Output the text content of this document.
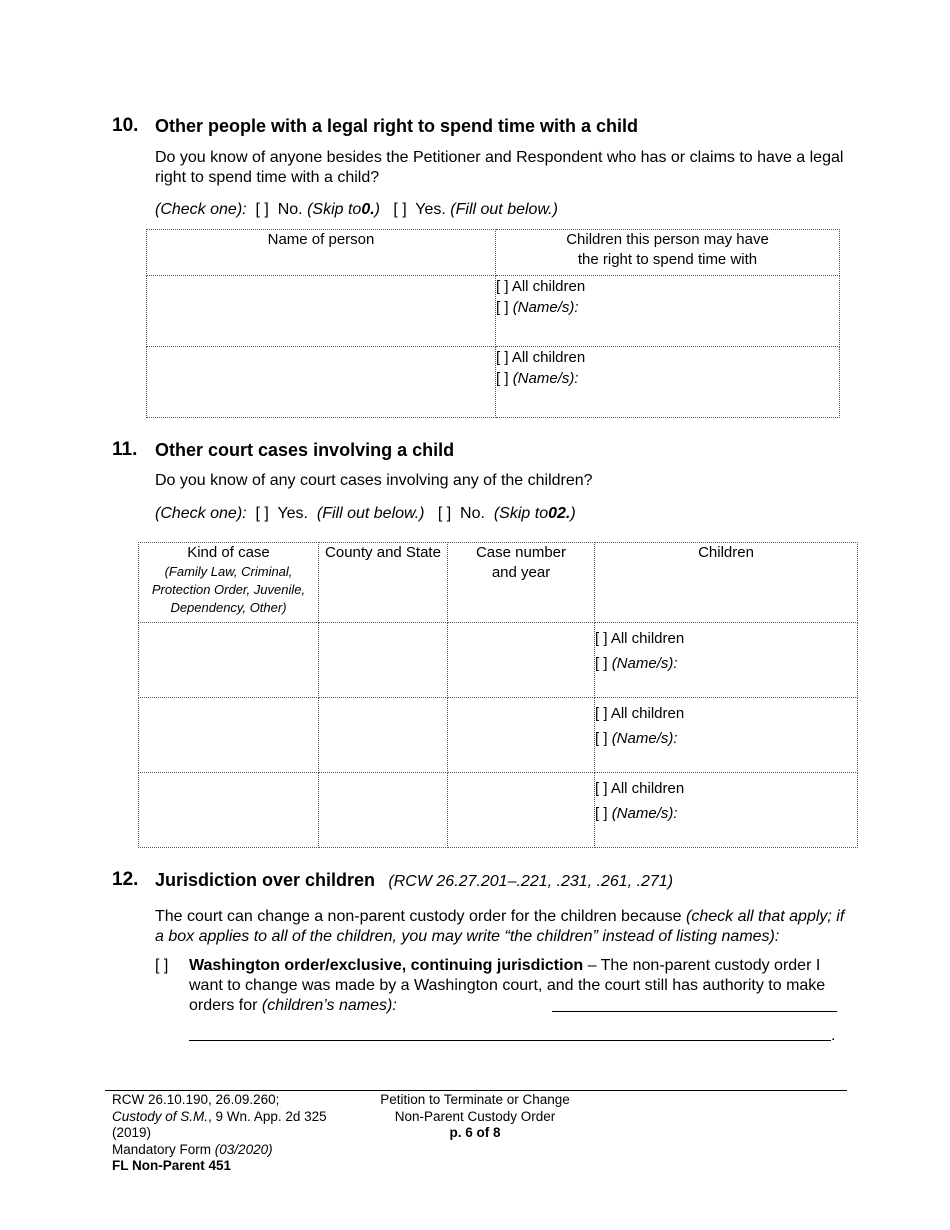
10. Other people with a legal right to spend time with a child
Do you know of anyone besides the Petitioner and Respondent who has or claims to have a legal right to spend time with a child?
(Check one): [ ] No. (Skip to0.) [ ] Yes. (Fill out below.)
Name of person	Children this person may have the right to spend time with

	[ ] All children
[ ] (Name/s):

	[ ] All children
[ ] (Name/s):
11. Other court cases involving a child
Do you know of any court cases involving any of the children?
(Check one): [ ] Yes. (Fill out below.) [ ] No. (Skip to02.)
Kind of case
(Family Law, Criminal, Protection Order, Juvenile, Dependency, Other)	County and State	Case number and year	Children

			[ ] All children
[ ] (Name/s):

			[ ] All children
[ ] (Name/s):

			[ ] All children
[ ] (Name/s):
12. Jurisdiction over children (RCW 26.27.201–.221, .231, .261, .271)
The court can change a non-parent custody order for the children because (check all that apply; if a box applies to all of the children, you may write “the children” instead of listing names):
[ ] Washington order/exclusive, continuing jurisdiction – The non-parent custody order I want to change was made by a Washington court, and the court still has authority to make orders for (children’s names):
.
RCW 26.10.190, 26.09.260;
Custody of S.M., 9 Wn. App. 2d 325
(2019)
Mandatory Form (03/2020)
FL Non-Parent 451
Petition to Terminate or Change
Non-Parent Custody Order
p. 6 of 8
